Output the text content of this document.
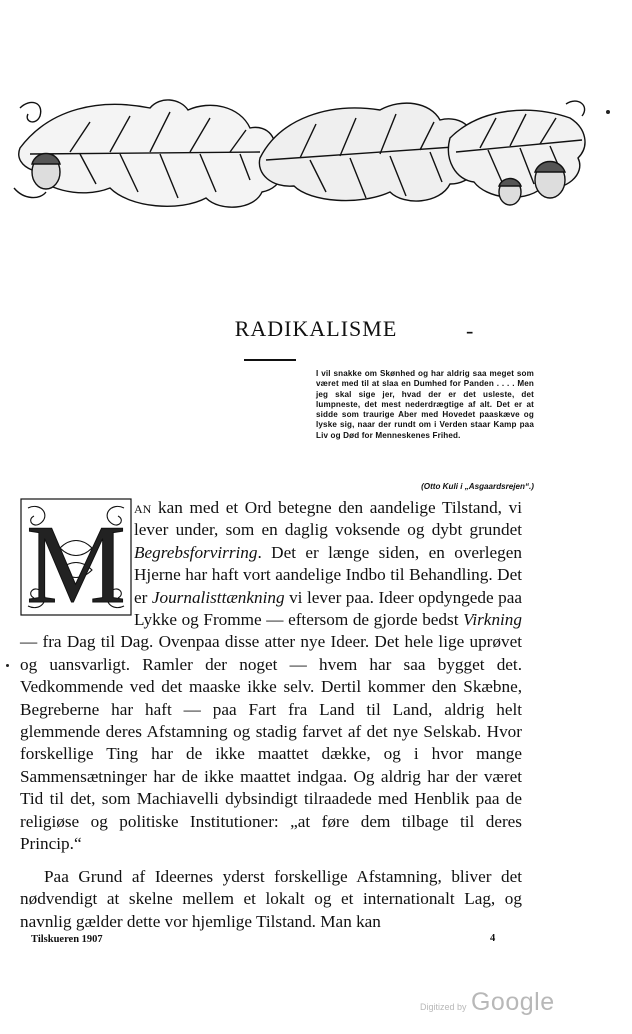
RADIKALISME	-

I vil snakke om Skønhed og har aldrig saa meget som været med til at slaa en Dumhed for Panden . . . . Men jeg skal sige jer, hvad der er det usleste, det lumpneste, det mest nederdrægtige af alt. Det er at sidde som traurige Aber med Hovedet paaskæve og lyske sig, naar der rundt om i Verden staar Kamp paa Liv og Død for Menneskenes Frihed.

(Otto Kuli i „Asgaardsrejen“.)

M an kan med et Ord betegne den aandelige Tilstand, vi lever under, som en daglig voksende og dybt grundet Begrebsforvirring. Det er længe siden, en overlegen Hjerne har haft vort aandelige Indbo til Behandling. Det er Journalisttænkning vi lever paa. Ideer opdyngede paa Lykke og Fromme — eftersom de gjorde bedst Virkning — fra Dag til Dag. Ovenpaa disse atter nye Ideer. Det hele lige uprøvet og uansvarligt. Ramler der noget — hvem har saa bygget det. Vedkommende ved det maaske ikke selv. Dertil kommer den Skæbne, Begreberne har haft — paa Fart fra Land til Land, aldrig helt glemmende deres Afstamning og stadig farvet af det nye Selskab. Hvor forskellige Ting har de ikke maattet dække, og i hvor mange Sammensætninger har de ikke maattet indgaa. Og aldrig har der været Tid til det, som Machiavelli dybsindigt tilraadede med Henblik paa de religiøse og politiske Institutioner: „at føre dem tilbage til deres Princip.“

Paa Grund af Ideernes yderst forskellige Afstamning, bliver det nødvendigt at skelne mellem et lokalt og et internationalt Lag, og navnlig gælder dette vor hjemlige Tilstand. Man kan

Tilskueren 1907	4

Digitized by Google
